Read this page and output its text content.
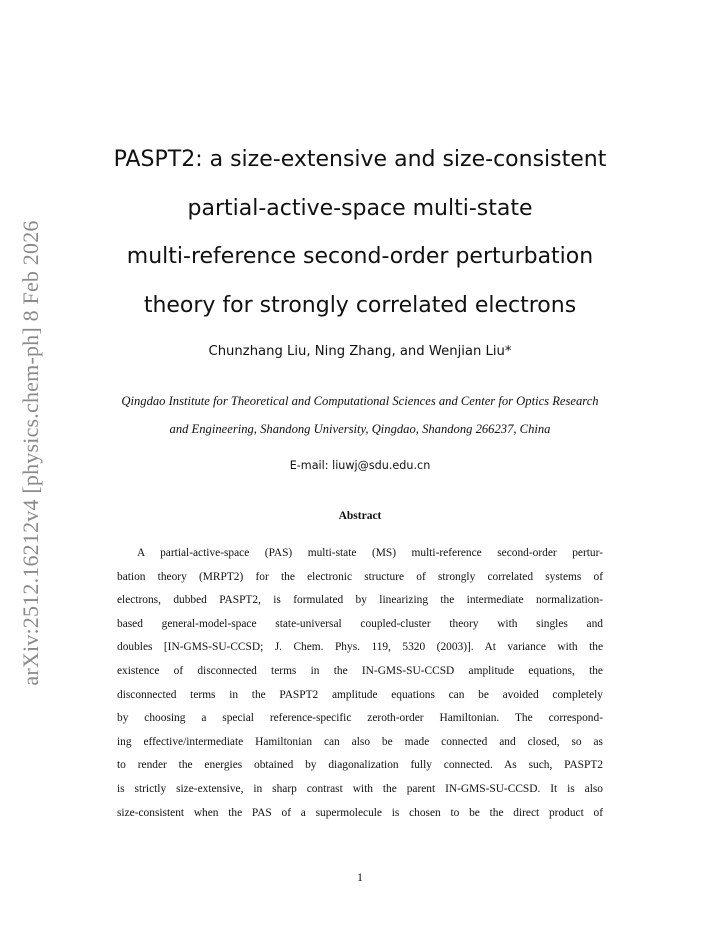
arXiv:2512.16212v4 [physics.chem-ph] 8 Feb 2026
PASPT2: a size-extensive and size-consistent
partial-active-space multi-state
multi-reference second-order perturbation
theory for strongly correlated electrons
Chunzhang Liu, Ning Zhang, and Wenjian Liu*
Qingdao Institute for Theoretical and Computational Sciences and Center for Optics Research
and Engineering, Shandong University, Qingdao, Shandong 266237, China
E-mail: liuwj@sdu.edu.cn
Abstract
A partial-active-space (PAS) multi-state (MS) multi-reference second-order pertur-
bation theory (MRPT2) for the electronic structure of strongly correlated systems of
electrons, dubbed PASPT2, is formulated by linearizing the intermediate normalization-
based general-model-space state-universal coupled-cluster theory with singles and
doubles [IN-GMS-SU-CCSD; J. Chem. Phys. 119, 5320 (2003)]. At variance with the
existence of disconnected terms in the IN-GMS-SU-CCSD amplitude equations, the
disconnected terms in the PASPT2 amplitude equations can be avoided completely
by choosing a special reference-specific zeroth-order Hamiltonian. The correspond-
ing effective/intermediate Hamiltonian can also be made connected and closed, so as
to render the energies obtained by diagonalization fully connected. As such, PASPT2
is strictly size-extensive, in sharp contrast with the parent IN-GMS-SU-CCSD. It is also
size-consistent when the PAS of a supermolecule is chosen to be the direct product of
1
